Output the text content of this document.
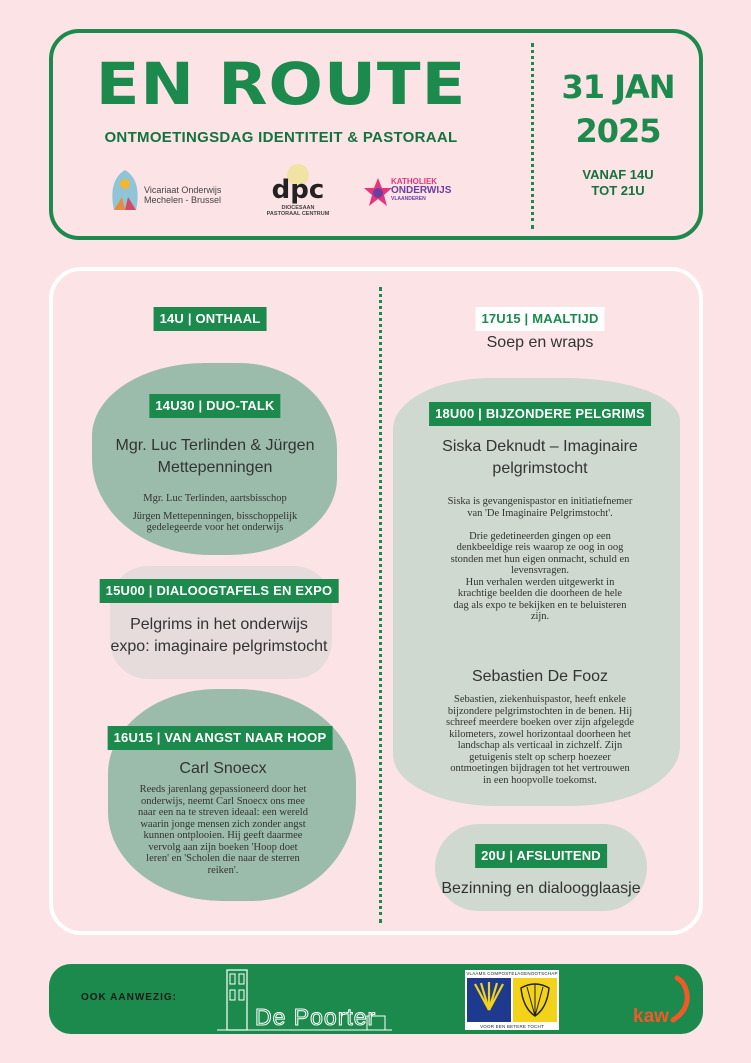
EN ROUTE
ONTMOETINGSDAG IDENTITEIT & PASTORAAL
Vicariaat Onderwijs
Mechelen - Brussel	dpc
DIOCESAAN
PASTORAAL CENTRUM
KATHOLIEK
ONDERWIJS
VLAANDEREN
31 JAN
2025
VANAF 14U
TOT 21U
14U | ONTHAAL
14U30 | DUO-TALK
Mgr. Luc Terlinden & Jürgen
Mettepenningen
Mgr. Luc Terlinden, aartsbisschop
Jürgen Mettepenningen, bisschoppelijk
gedelegeerde voor het onderwijs
15U00 | DIALOOGTAFELS EN EXPO
Pelgrims in het onderwijs
expo: imaginaire pelgrimstocht
16U15 | VAN ANGST NAAR HOOP
Carl Snoecx
Reeds jarenlang gepassioneerd door het
onderwijs, neemt Carl Snoecx ons mee
naar een na te streven ideaal: een wereld
waarin jonge mensen zich zonder angst
kunnen ontplooien. Hij geeft daarmee
vervolg aan zijn boeken 'Hoop doet
leren' en 'Scholen die naar de sterren
reiken'.
17U15 | MAALTIJD
Soep en wraps
18U00 | BIJZONDERE PELGRIMS
Siska Deknudt – Imaginaire
pelgrimstocht
Siska is gevangenispastor en initiatiefnemer
van 'De Imaginaire Pelgrimstocht'.
Drie gedetineerden gingen op een
denkbeeldige reis waarop ze oog in oog
stonden met hun eigen onmacht, schuld en
levensvragen.
Hun verhalen werden uitgewerkt in
krachtige beelden die doorheen de hele
dag als expo te bekijken en te beluisteren
zijn.
Sebastien De Fooz
Sebastien, ziekenhuispastor, heeft enkele
bijzondere pelgrimstochten in de benen. Hij
schreef meerdere boeken over zijn afgelegde
kilometers, zowel horizontaal doorheen het
landschap als verticaal in zichzelf. Zijn
getuigenis stelt op scherp hoezeer
ontmoetingen bijdragen tot het vertrouwen
in een hoopvolle toekomst.
20U | AFSLUITEND
Bezinning en dialoogglaasje
OOK AANWEZIG:
De Poorter
VLAAMS COMPOSTELAGENOOTSCHAP
VOOR EEN BETERE TOCHT	kaw
